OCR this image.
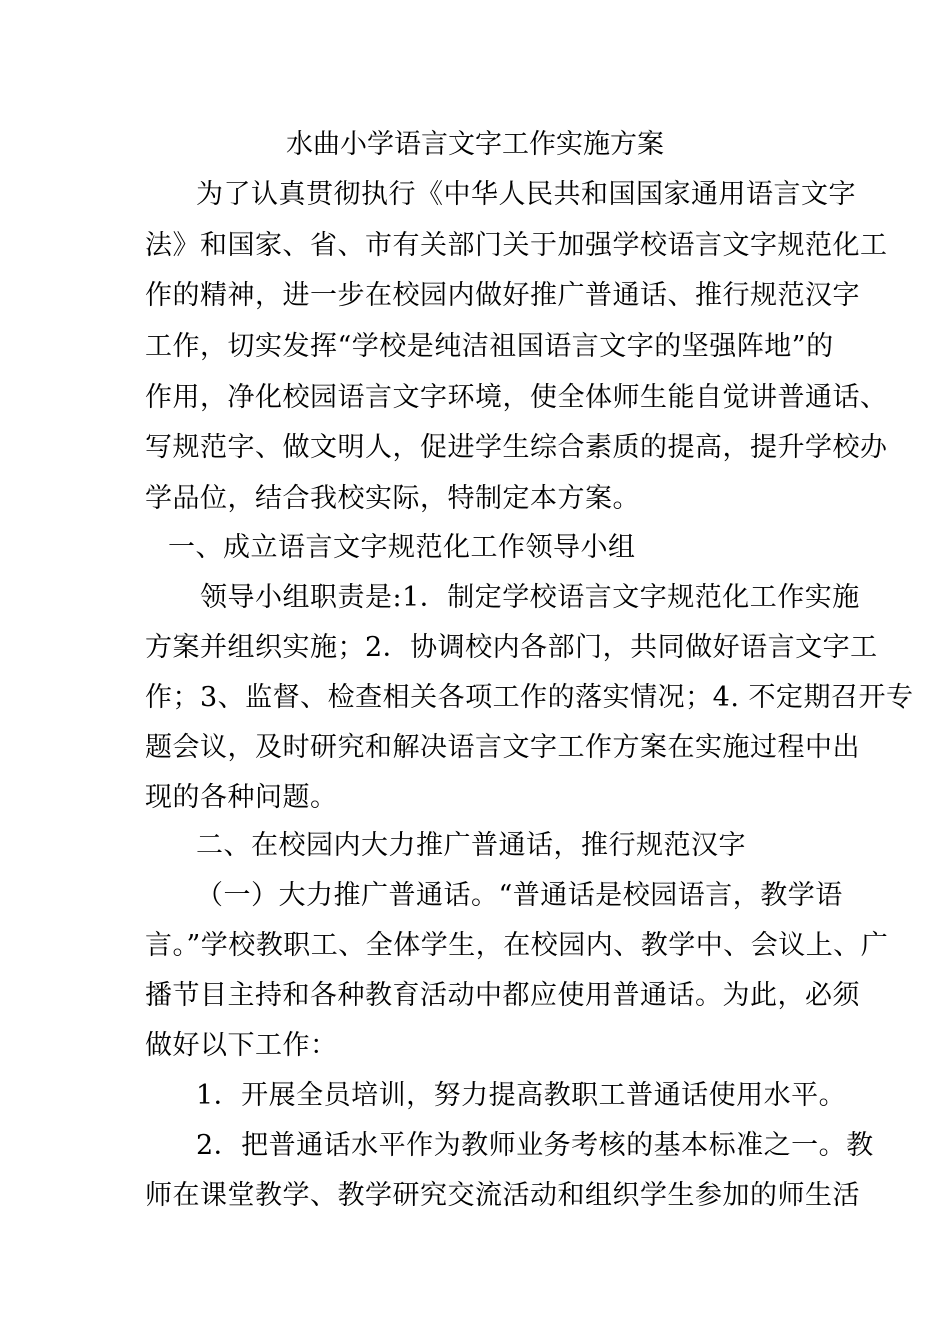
水曲小学语言文字工作实施方案
为了认真贯彻执行《中华人民共和国国家通用语言文字
法》和国家、省、市有关部门关于加强学校语言文字规范化工
作的精神，进一步在校园内做好推广普通话、推行规范汉字
工作，切实发挥“学校是纯洁祖国语言文字的坚强阵地”的
作用，净化校园语言文字环境，使全体师生能自觉讲普通话、
写规范字、做文明人，促进学生综合素质的提高，提升学校办
学品位，结合我校实际，特制定本方案。
一、成立语言文字规范化工作领导小组
领导小组职责是:1．制定学校语言文字规范化工作实施
方案并组织实施；2．协调校内各部门，共同做好语言文字工
作；3、监督、检查相关各项工作的落实情况；4. 不定期召开专
题会议，及时研究和解决语言文字工作方案在实施过程中出
现的各种问题。
二、在校园内大力推广普通话，推行规范汉字
（一）大力推广普通话。“普通话是校园语言，教学语
言。”学校教职工、全体学生，在校园内、教学中、会议上、广
播节目主持和各种教育活动中都应使用普通话。为此，必须
做好以下工作：
1．开展全员培训，努力提高教职工普通话使用水平。
2．把普通话水平作为教师业务考核的基本标准之一。教
师在课堂教学、教学研究交流活动和组织学生参加的师生活
